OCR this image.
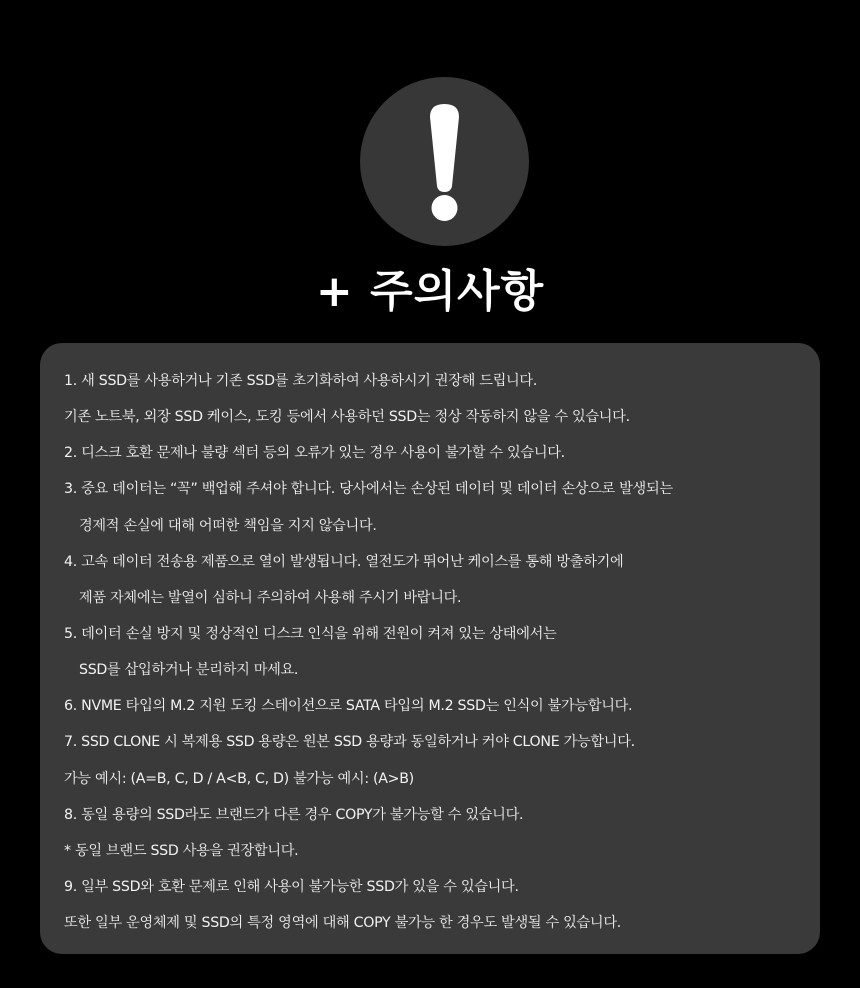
+ 주의사항
1. 새 SSD를 사용하거나 기존 SSD를 초기화하여 사용하시기 권장해 드립니다.
기존 노트북, 외장 SSD 케이스, 도킹 등에서 사용하던 SSD는 정상 작동하지 않을 수 있습니다.
2. 디스크 호환 문제나 불량 섹터 등의 오류가 있는 경우 사용이 불가할 수 있습니다.
3. 중요 데이터는 “꼭” 백업해 주셔야 합니다. 당사에서는 손상된 데이터 및 데이터 손상으로 발생되는
경제적 손실에 대해 어떠한 책임을 지지 않습니다.
4. 고속 데이터 전송용 제품으로 열이 발생됩니다. 열전도가 뛰어난 케이스를 통해 방출하기에
제품 자체에는 발열이 심하니 주의하여 사용해 주시기 바랍니다.
5. 데이터 손실 방지 및 정상적인 디스크 인식을 위해 전원이 켜져 있는 상태에서는
SSD를 삽입하거나 분리하지 마세요.
6. NVME 타입의 M.2 지원 도킹 스테이션으로 SATA 타입의 M.2 SSD는 인식이 불가능합니다.
7. SSD CLONE 시 복제용 SSD 용량은 원본 SSD 용량과 동일하거나 커야 CLONE 가능합니다.
가능 예시: (A=B, C, D / A<B, C, D) 불가능 예시: (A>B)
8. 동일 용량의 SSD라도 브랜드가 다른 경우 COPY가 불가능할 수 있습니다.
* 동일 브랜드 SSD 사용을 권장합니다.
9. 일부 SSD와 호환 문제로 인해 사용이 불가능한 SSD가 있을 수 있습니다.
또한 일부 운영체제 및 SSD의 특정 영역에 대해 COPY 불가능 한 경우도 발생될 수 있습니다.
